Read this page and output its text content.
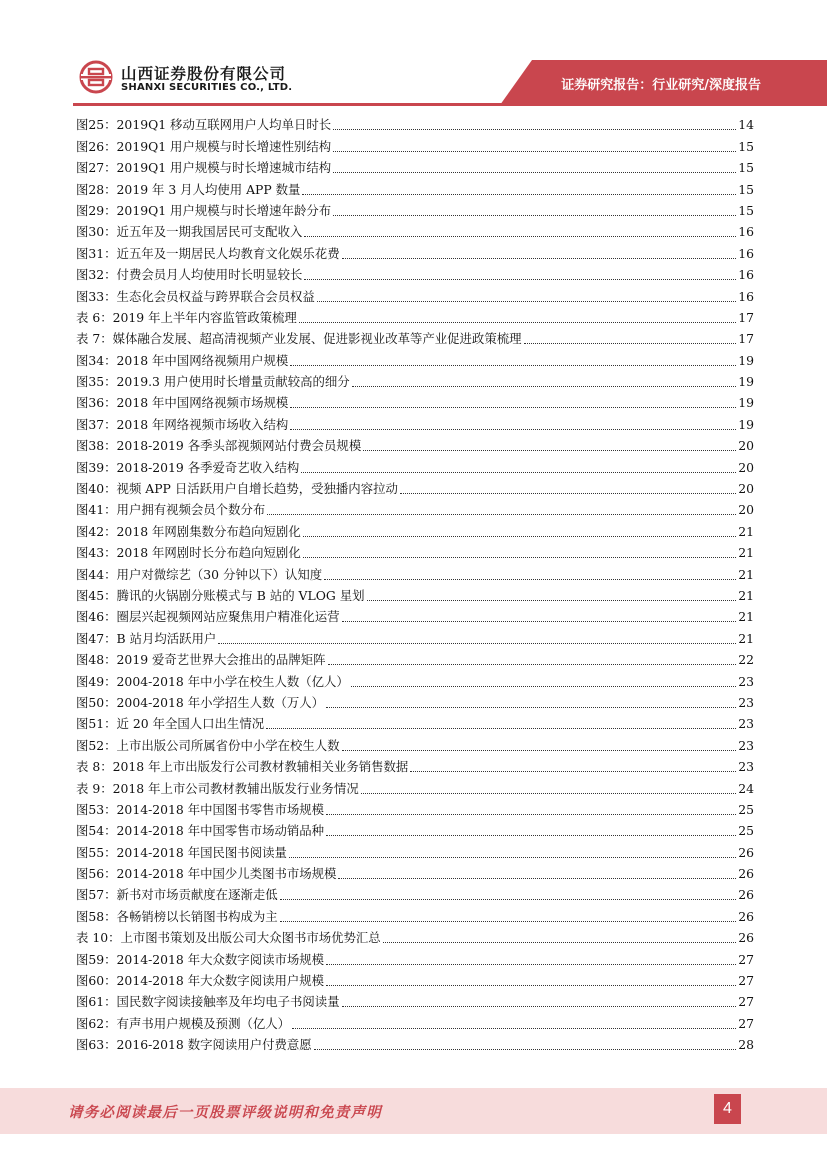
山西证券股份有限公司
SHANXI SECURITIES CO., LTD.	证券研究报告：行业研究/深度报告
图25：2019Q1 移动互联网用户人均单日时长	14
图26：2019Q1 用户规模与时长增速性别结构	15
图27：2019Q1 用户规模与时长增速城市结构	15
图28：2019 年 3 月人均使用 APP 数量	15
图29：2019Q1 用户规模与时长增速年龄分布	15
图30：近五年及一期我国居民可支配收入	16
图31：近五年及一期居民人均教育文化娱乐花费	16
图32：付费会员月人均使用时长明显较长	16
图33：生态化会员权益与跨界联合会员权益	16
表 6：2019 年上半年内容监管政策梳理	17
表 7：媒体融合发展、超高清视频产业发展、促进影视业改革等产业促进政策梳理	17
图34：2018 年中国网络视频用户规模	19
图35：2019.3 用户使用时长增量贡献较高的细分	19
图36：2018 年中国网络视频市场规模	19
图37：2018 年网络视频市场收入结构	19
图38：2018-2019 各季头部视频网站付费会员规模	20
图39：2018-2019 各季爱奇艺收入结构	20
图40：视频 APP 日活跃用户自增长趋势，受独播内容拉动	20
图41：用户拥有视频会员个数分布	20
图42：2018 年网剧集数分布趋向短剧化	21
图43：2018 年网剧时长分布趋向短剧化	21
图44：用户对微综艺（30 分钟以下）认知度	21
图45：腾讯的火锅剧分账模式与 B 站的 VLOG 星划	21
图46：圈层兴起视频网站应聚焦用户精准化运营	21
图47：B 站月均活跃用户	21
图48：2019 爱奇艺世界大会推出的品牌矩阵	22
图49：2004-2018 年中小学在校生人数（亿人）	23
图50：2004-2018 年小学招生人数（万人）	23
图51：近 20 年全国人口出生情况	23
图52：上市出版公司所属省份中小学在校生人数	23
表 8：2018 年上市出版发行公司教材教辅相关业务销售数据	23
表 9：2018 年上市公司教材教辅出版发行业务情况	24
图53：2014-2018 年中国图书零售市场规模	25
图54：2014-2018 年中国零售市场动销品种	25
图55：2014-2018 年国民图书阅读量	26
图56：2014-2018 年中国少儿类图书市场规模	26
图57：新书对市场贡献度在逐渐走低	26
图58：各畅销榜以长销图书构成为主	26
表 10：上市图书策划及出版公司大众图书市场优势汇总	26
图59：2014-2018 年大众数字阅读市场规模	27
图60：2014-2018 年大众数字阅读用户规模	27
图61：国民数字阅读接触率及年均电子书阅读量	27
图62：有声书用户规模及预测（亿人）	27
图63：2016-2018 数字阅读用户付费意愿	28
请务必阅读最后一页股票评级说明和免责声明	4
